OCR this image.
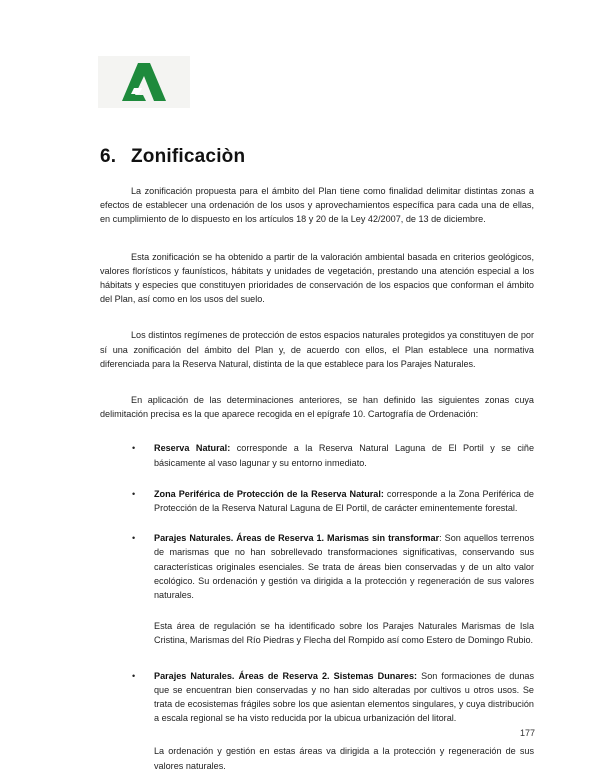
6. Zonificaciòn

La zonificación propuesta para el ámbito del Plan tiene como finalidad delimitar distintas zonas a efectos de establecer una ordenación de los usos y aprovechamientos específica para cada una de ellas, en cumplimiento de lo dispuesto en los artículos 18 y 20 de la Ley 42/2007, de 13 de diciembre.

Esta zonificación se ha obtenido a partir de la valoración ambiental basada en criterios geológicos, valores florísticos y faunísticos, hábitats y unidades de vegetación, prestando una atención especial a los hábitats y especies que constituyen prioridades de conservación de los espacios que conforman el ámbito del Plan, así como en los usos del suelo.

Los distintos regímenes de protección de estos espacios naturales protegidos ya constituyen de por sí una zonificación del ámbito del Plan y, de acuerdo con ellos, el Plan establece una normativa diferenciada para la Reserva Natural, distinta de la que establece para los Parajes Naturales.

En aplicación de las determinaciones anteriores, se han definido las siguientes zonas cuya delimitación precisa es la que aparece recogida en el epígrafe 10. Cartografía de Ordenación:

• Reserva Natural: corresponde a la Reserva Natural Laguna de El Portil y se ciñe básicamente al vaso lagunar y su entorno inmediato.
• Zona Periférica de Protección de la Reserva Natural: corresponde a la Zona Periférica de Protección de la Reserva Natural Laguna de El Portil, de carácter eminentemente forestal.
• Parajes Naturales. Áreas de Reserva 1. Marismas sin transformar: Son aquellos terrenos de marismas que no han sobrellevado transformaciones significativas, conservando sus características originales esenciales. Se trata de áreas bien conservadas y de un alto valor ecológico. Su ordenación y gestión va dirigida a la protección y regeneración de sus valores naturales.

Esta área de regulación se ha identificado sobre los Parajes Naturales Marismas de Isla Cristina, Marismas del Río Piedras y Flecha del Rompido así como Estero de Domingo Rubio.

• Parajes Naturales. Áreas de Reserva 2. Sistemas Dunares: Son formaciones de dunas que se encuentran bien conservadas y no han sido alteradas por cultivos u otros usos. Se trata de ecosistemas frágiles sobre los que asientan elementos singulares, y cuya distribución a escala regional se ha visto reducida por la ubicua urbanización del litoral.

La ordenación y gestión en estas áreas va dirigida a la protección y regeneración de sus valores naturales.

177
